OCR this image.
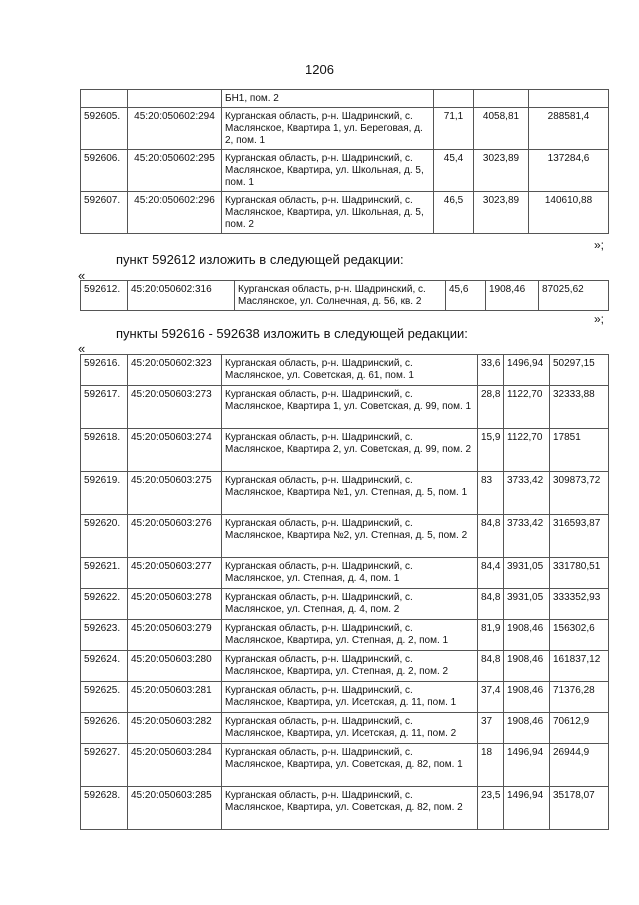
1206
		БН1, пом. 2			
592605.	45:20:050602:294	Курганская область, р-н. Шадринский, с. Маслянское, Квартира 1, ул. Береговая, д. 2, пом. 1	71,1	4058,81	288581,4
592606.	45:20:050602:295	Курганская область, р-н. Шадринский, с. Маслянское, Квартира, ул. Школьная, д. 5, пом. 1	45,4	3023,89	137284,6
592607.	45:20:050602:296	Курганская область, р-н. Шадринский, с. Маслянское, Квартира, ул. Школьная, д. 5, пом. 2	46,5	3023,89	140610,88
»;
пункт 592612 изложить в следующей редакции:
«
592612.	45:20:050602:316	Курганская область, р-н. Шадринский, с. Маслянское, ул. Солнечная, д. 56, кв. 2	45,6	1908,46	87025,62
»;
пункты 592616 - 592638 изложить в следующей редакции:
«
592616.	45:20:050602:323	Курганская область, р-н. Шадринский, с. Маслянское, ул. Советская, д. 61, пом. 1	33,6	1496,94	50297,15
592617.	45:20:050603:273	Курганская область, р-н. Шадринский, с. Маслянское, Квартира 1, ул. Советская, д. 99, пом. 1	28,8	1122,70	32333,88
592618.	45:20:050603:274	Курганская область, р-н. Шадринский, с. Маслянское, Квартира 2, ул. Советская, д. 99, пом. 2	15,9	1122,70	17851
592619.	45:20:050603:275	Курганская область, р-н. Шадринский, с. Маслянское, Квартира №1, ул. Степная, д. 5, пом. 1	83	3733,42	309873,72
592620.	45:20:050603:276	Курганская область, р-н. Шадринский, с. Маслянское, Квартира №2, ул. Степная, д. 5, пом. 2	84,8	3733,42	316593,87
592621.	45:20:050603:277	Курганская область, р-н. Шадринский, с. Маслянское, ул. Степная, д. 4, пом. 1	84,4	3931,05	331780,51
592622.	45:20:050603:278	Курганская область, р-н. Шадринский, с. Маслянское, ул. Степная, д. 4, пом. 2	84,8	3931,05	333352,93
592623.	45:20:050603:279	Курганская область, р-н. Шадринский, с. Маслянское, Квартира, ул. Степная, д. 2, пом. 1	81,9	1908,46	156302,6
592624.	45:20:050603:280	Курганская область, р-н. Шадринский, с. Маслянское, Квартира, ул. Степная, д. 2, пом. 2	84,8	1908,46	161837,12
592625.	45:20:050603:281	Курганская область, р-н. Шадринский, с. Маслянское, Квартира, ул. Исетская, д. 11, пом. 1	37,4	1908,46	71376,28
592626.	45:20:050603:282	Курганская область, р-н. Шадринский, с. Маслянское, Квартира, ул. Исетская, д. 11, пом. 2	37	1908,46	70612,9
592627.	45:20:050603:284	Курганская область, р-н. Шадринский, с. Маслянское, Квартира, ул. Советская, д. 82, пом. 1	18	1496,94	26944,9
592628.	45:20:050603:285	Курганская область, р-н. Шадринский, с. Маслянское, Квартира, ул. Советская, д. 82, пом. 2	23,5	1496,94	35178,07
